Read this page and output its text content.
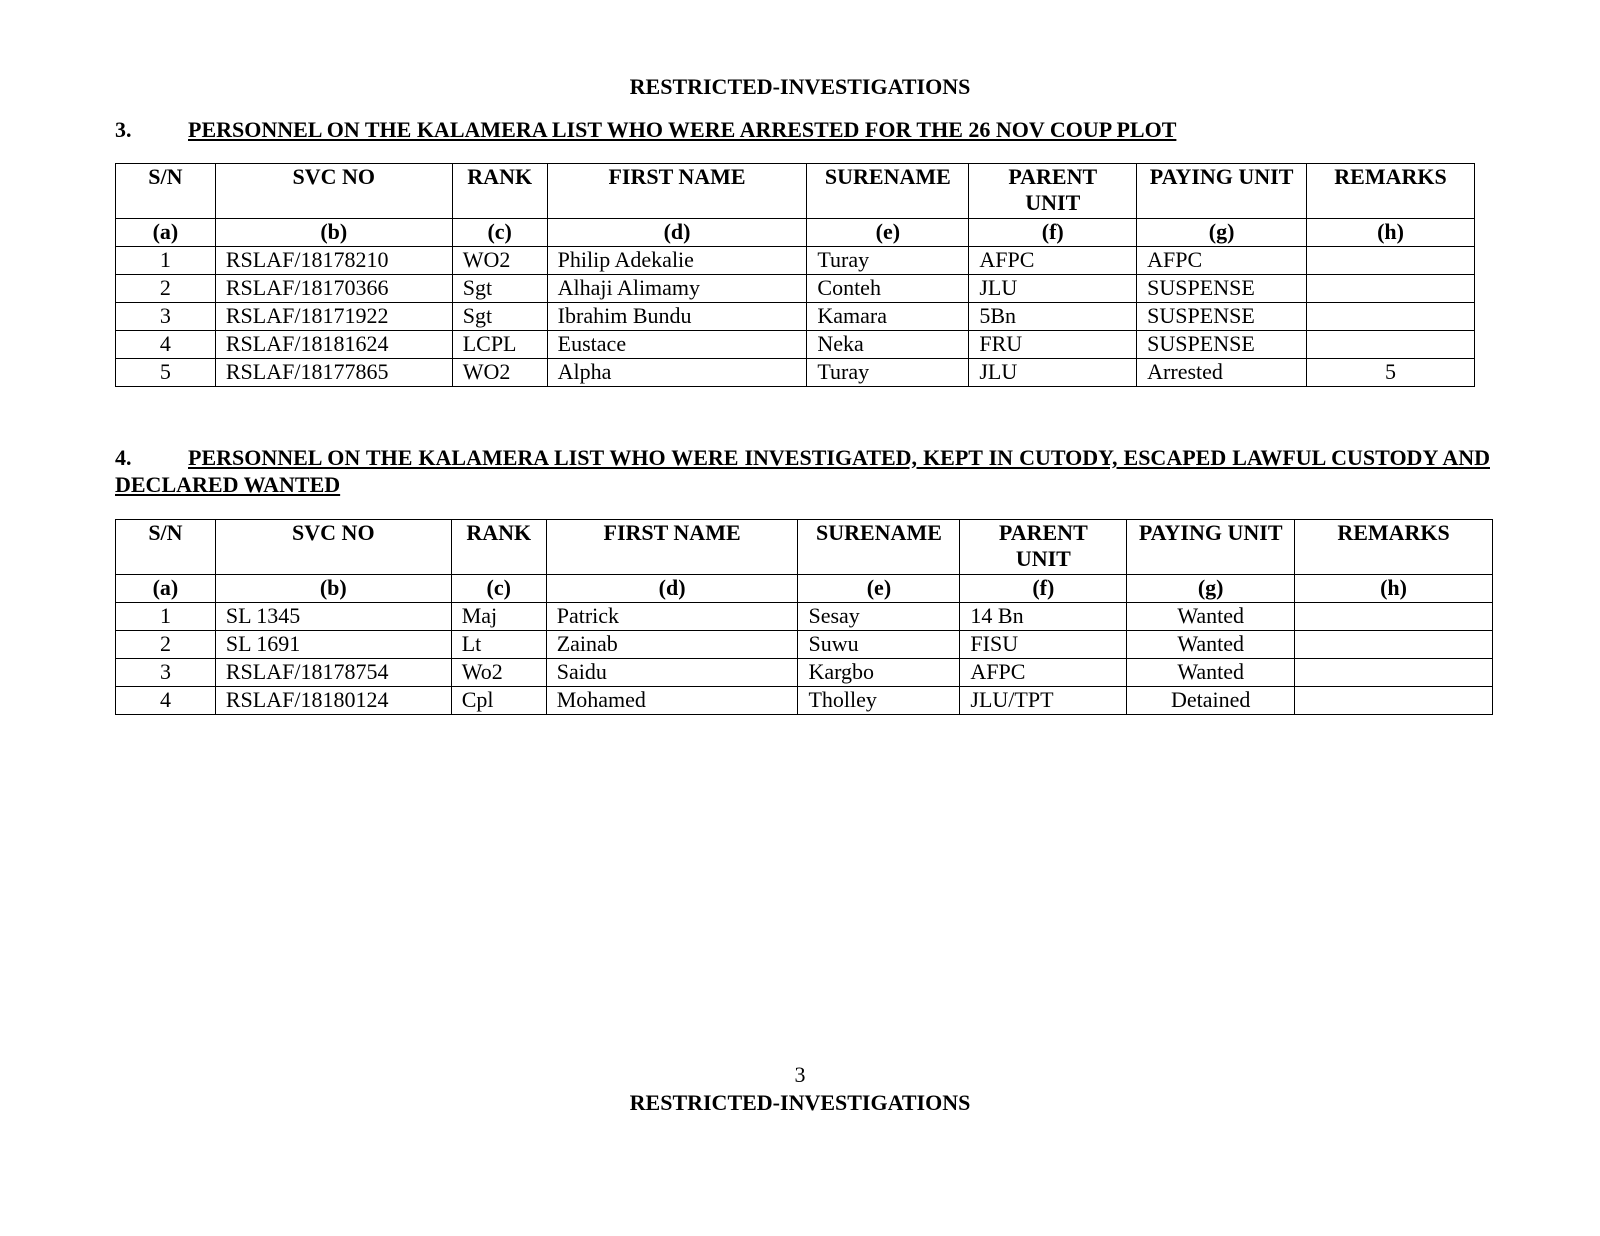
RESTRICTED-INVESTIGATIONS
3.	PERSONNEL ON THE KALAMERA LIST WHO WERE ARRESTED FOR THE 26 NOV COUP PLOT
S/N	SVC NO	RANK	FIRST NAME	SURENAME	PARENT UNIT	PAYING UNIT	REMARKS
(a)	(b)	(c)	(d)	(e)	(f)	(g)	(h)
1	RSLAF/18178210	WO2	Philip Adekalie	Turay	AFPC	AFPC	
2	RSLAF/18170366	Sgt	Alhaji Alimamy	Conteh	JLU	SUSPENSE	
3	RSLAF/18171922	Sgt	Ibrahim Bundu	Kamara	5Bn	SUSPENSE	
4	RSLAF/18181624	LCPL	Eustace	Neka	FRU	SUSPENSE	
5	RSLAF/18177865	WO2	Alpha	Turay	JLU	Arrested	5
4.	PERSONNEL ON THE KALAMERA LIST WHO WERE INVESTIGATED, KEPT IN CUTODY, ESCAPED LAWFUL CUSTODY AND DECLARED WANTED
S/N	SVC NO	RANK	FIRST NAME	SURENAME	PARENT UNIT	PAYING UNIT	REMARKS
(a)	(b)	(c)	(d)	(e)	(f)	(g)	(h)
1	SL 1345	Maj	Patrick	Sesay	14 Bn	Wanted	
2	SL 1691	Lt	Zainab	Suwu	FISU	Wanted	
3	RSLAF/18178754	Wo2	Saidu	Kargbo	AFPC	Wanted	
4	RSLAF/18180124	Cpl	Mohamed	Tholley	JLU/TPT	Detained	
3
RESTRICTED-INVESTIGATIONS
